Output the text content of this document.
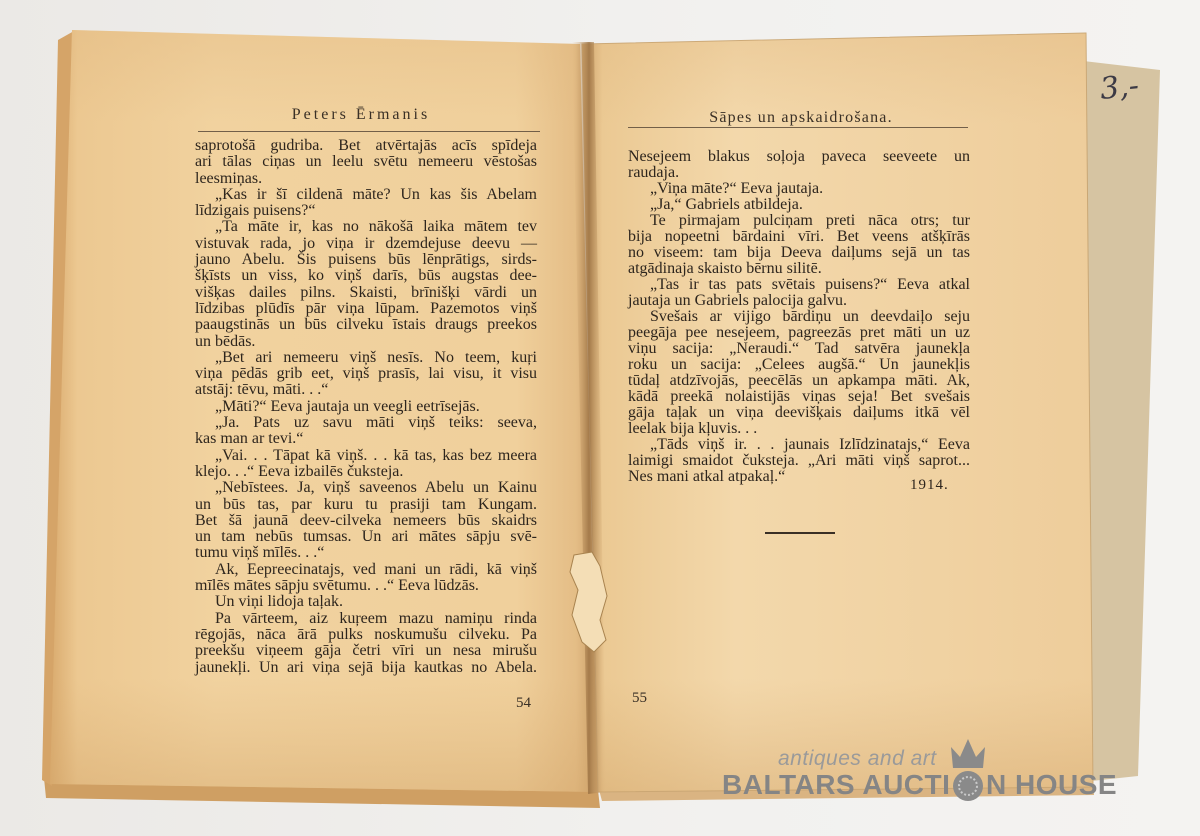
Peters Ērmanis
saprotošā gudriba. Bet atvērtajās acīs spīdeja
ari tālas ciņas un leelu svētu nemeeru vēstošas
leesmiņas.
„Kas ir šī cildenā māte? Un kas šis Abelam
līdzigais puisens?“
„Ta māte ir, kas no nākošā laika mātem tev
vistuvak rada, jo viņa ir dzemdejuse deevu —
jauno Abelu. Šis puisens būs lēnprātigs, sirds-
šķīsts un viss, ko viņš darīs, būs augstas dee-
višķas dailes pilns. Skaisti, brīnišķi vārdi un
līdzibas plūdīs pār viņa lūpam. Pazemotos viņš
paaugstinās un būs cilveku īstais draugs preekos
un bēdās.
„Bet ari nemeeru viņš nesīs. No teem, kuŗi
viņa pēdās grib eet, viņš prasīs, lai visu, it visu
atstāj: tēvu, māti. . .“
„Māti?“ Eeva jautaja un veegli eetrīsejās.
„Ja. Pats uz savu māti viņš teiks: seeva,
kas man ar tevi.“
„Vai. . . Tāpat kā viņš. . . kā tas, kas bez meera
klejo. . .“ Eeva izbailēs čuksteja.
„Nebīstees. Ja, viņš saveenos Abelu un Kainu
un būs tas, par kuru tu prasiji tam Kungam.
Bet šā jaunā deev-cilveka nemeers būs skaidrs
un tam nebūs tumsas. Un ari mātes sāpju svē-
tumu viņš mīlēs. . .“
Ak, Eepreecinatajs, ved mani un rādi, kā viņš
mīlēs mātes sāpju svētumu. . .“ Eeva lūdzās.
Un viņi lidoja taļak.
Pa vārteem, aiz kuŗeem mazu namiņu rinda
rēgojās, nāca ārā pulks noskumušu cilveku. Pa
preekšu viņeem gāja četri vīri un nesa mirušu
jaunekļi. Un ari viņa sejā bija kautkas no Abela.
54
Sāpes un apskaidrošana.
Nesejeem blakus soļoja paveca seeveete un
raudaja.
„Viņa māte?“ Eeva jautaja.
„Ja,“ Gabriels atbildeja.
Te pirmajam pulciņam preti nāca otrs; tur
bija nopeetni bārdaini vīri. Bet veens atšķīrās
no viseem: tam bija Deeva daiļums sejā un tas
atgādinaja skaisto bērnu silitē.
„Tas ir tas pats svētais puisens?“ Eeva atkal
jautaja un Gabriels palocija galvu.
Svešais ar vijigo bārdiņu un deevdaiļo seju
peegāja pee nesejeem, pagreezās pret māti un uz
viņu sacija: „Neraudi.“ Tad satvēra jaunekļa
roku un sacija: „Celees augšā.“ Un jaunekļis
tūdaļ atdzīvojās, peecēlās un apkampa māti. Ak,
kādā preekā nolaistijās viņas seja! Bet svešais
gāja taļak un viņa deevišķais daiļums itkā vēl
leelak bija kļuvis. . .
„Tāds viņš ir. . . jaunais Izlīdzinatajs,“ Eeva
laimigi smaidot čuksteja. „Ari māti viņš saprot...
Nes mani atkal atpakaļ.“	1914.
55
3,-
antiques and art
BALTARS AUCTI N HOUSE
